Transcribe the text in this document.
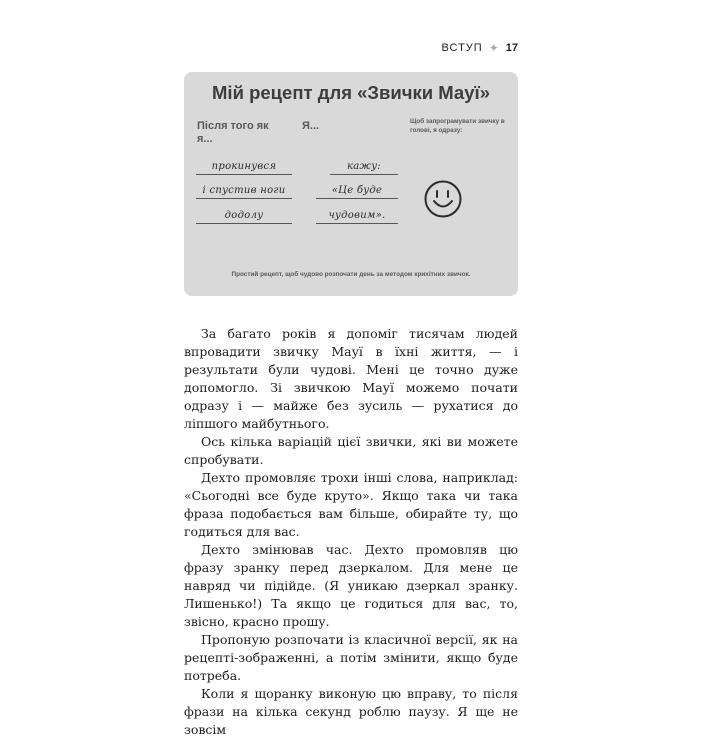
ВСТУП ✦ 17
Мій рецепт для «Звички Мауї»
Після того як я...
Я...	Щоб запрограмувати звичку в голові, я одразу:
прокинувся
і спустив ноги
додолу
кажу:
«Це буде
чудовим».
Простий рецепт, щоб чудово розпочати день за методом крихітних звичок.

За багато років я допоміг тисячам людей впровадити звичку Мауї в їхні життя, — і результати були чудові. Мені це точно дуже допомогло. Зі звичкою Мауї можемо почати одразу і — майже без зусиль — рухатися до ліпшого майбутнього.

Ось кілька варіацій цієї звички, які ви можете спробувати.

Дехто промовляє трохи інші слова, наприклад: «Сьогодні все буде круто». Якщо така чи така фраза подобається вам більше, обирайте ту, що годиться для вас.

Дехто змінював час. Дехто промовляв цю фразу зранку перед дзеркалом. Для мене це навряд чи підійде. (Я уникаю дзеркал зранку. Лишенько!) Та якщо це годиться для вас, то, звісно, красно прошу.

Пропоную розпочати із класичної версії, як на рецепті-зображенні, а потім змінити, якщо буде потреба.

Коли я щоранку виконую цю вправу, то після фрази на кілька секунд роблю паузу. Я ще не зовсім
